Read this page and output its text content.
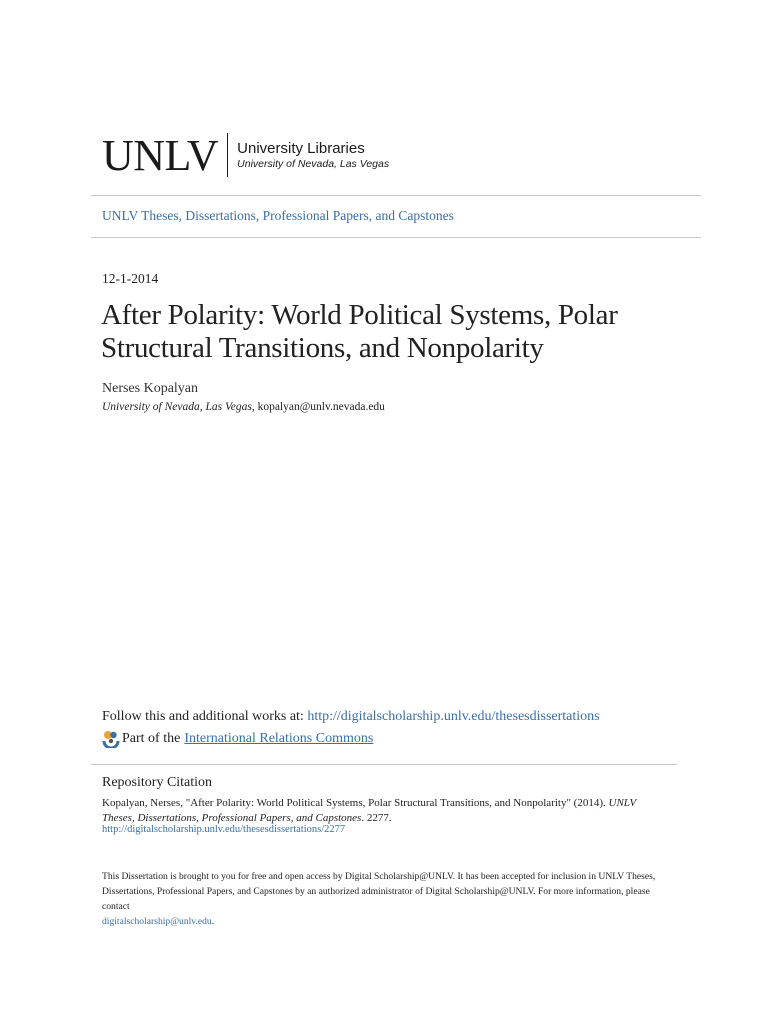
UNLV University Libraries
University of Nevada, Las Vegas
UNLV Theses, Dissertations, Professional Papers, and Capstones
12-1-2014
After Polarity: World Political Systems, Polar Structural Transitions, and Nonpolarity
Nerses Kopalyan
University of Nevada, Las Vegas, kopalyan@unlv.nevada.edu
Follow this and additional works at: http://digitalscholarship.unlv.edu/thesesdissertations
Part of the International Relations Commons
Repository Citation
Kopalyan, Nerses, "After Polarity: World Political Systems, Polar Structural Transitions, and Nonpolarity" (2014). UNLV Theses, Dissertations, Professional Papers, and Capstones. 2277.
http://digitalscholarship.unlv.edu/thesesdissertations/2277
This Dissertation is brought to you for free and open access by Digital Scholarship@UNLV. It has been accepted for inclusion in UNLV Theses, Dissertations, Professional Papers, and Capstones by an authorized administrator of Digital Scholarship@UNLV. For more information, please contact
digitalscholarship@unlv.edu.
